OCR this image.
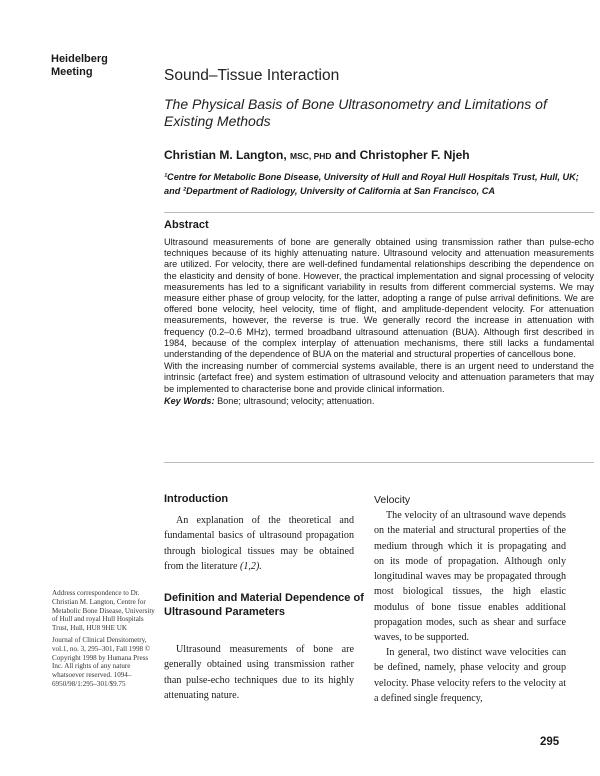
Heidelberg
Meeting	Sound–Tissue Interaction
The Physical Basis of Bone Ultrasonometry and Limitations of Existing Methods
Christian M. Langton, MSC, PHD and Christopher F. Njeh
¹Centre for Metabolic Bone Disease, University of Hull and Royal Hull Hospitals Trust, Hull, UK; and ²Department of Radiology, University of California at San Francisco, CA
Abstract

Ultrasound measurements of bone are generally obtained using transmission rather than pulse-echo techniques because of its highly attenuating nature. Ultrasound velocity and attenuation measurements are utilized. For velocity, there are well-defined fundamental relationships describing the dependence on the elasticity and density of bone. However, the practical implementation and signal processing of velocity measurements has led to a significant variability in results from different commercial systems. We may measure either phase of group velocity, for the latter, adopting a range of pulse arrival definitions. We are offered bone velocity, heel velocity, time of flight, and amplitude-dependent velocity. For attenuation measurements, however, the reverse is true. We generally record the increase in attenuation with frequency (0.2–0.6 MHz), termed broadband ultrasound attenuation (BUA). Although first described in 1984, because of the complex interplay of attenuation mechanisms, there still lacks a fundamental understanding of the dependence of BUA on the material and structural properties of cancellous bone.

With the increasing number of commercial systems available, there is an urgent need to understand the intrinsic (artefact free) and system estimation of ultrasound velocity and attenuation parameters that may be implemented to characterise bone and provide clinical information.

Key Words: Bone; ultrasound; velocity; attenuation.

Introduction
An explanation of the theoretical and fundamental basics of ultrasound propagation through biological tissues may be obtained from the literature (1,2).
Definition and Material Dependence of Ultrasound Parameters
Ultrasound measurements of bone are generally obtained using transmission rather than pulse-echo techniques due to its highly attenuating nature.
Velocity
The velocity of an ultrasound wave depends on the material and structural properties of the medium through which it is propagating and on its mode of propagation. Although only longitudinal waves may be propagated through most biological tissues, the high elastic modulus of bone tissue enables additional propagation modes, such as shear and surface waves, to be supported.
In general, two distinct wave velocities can be defined, namely, phase velocity and group velocity. Phase velocity refers to the velocity at a defined single frequency,

Address correspondence to Dr. Christian M. Langton, Centre for Metabolic Bone Disease, University of Hull and royal Hull Hospitals Trust, Hull, HU8 9HE UK

Journal of Clinical Densitometry, vol.1, no. 3, 295–301, Fall 1998 © Copyright 1998 by Humana Press Inc. All rights of any nature whatsoever reserved. 1094–6950/98/1:295–301/$9.75

295
